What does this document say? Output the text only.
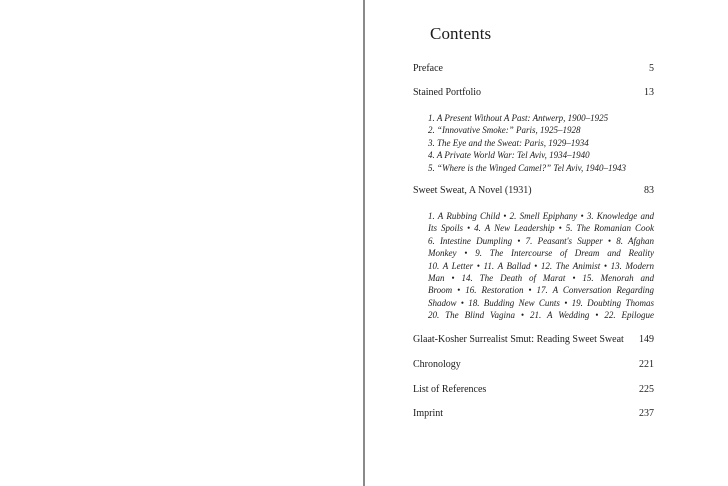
Contents
Preface	5
Stained Portfolio	13
1. A Present Without A Past: Antwerp, 1900–1925
2. “Innovative Smoke:” Paris, 1925–1928
3. The Eye and the Sweat: Paris, 1929–1934
4. A Private World War: Tel Aviv, 1934–1940
5. “Where is the Winged Camel?” Tel Aviv, 1940–1943
Sweet Sweat, A Novel (1931)	83
1. A Rubbing Child • 2. Smell Epiphany • 3. Knowledge and
Its Spoils • 4. A New Leadership • 5. The Romanian Cook
6. Intestine Dumpling • 7. Peasant's Supper • 8. Afghan
Monkey • 9. The Intercourse of Dream and Reality
10. A Letter • 11. A Ballad • 12. The Animist • 13. Modern
Man • 14. The Death of Marat • 15. Menorah and
Broom • 16. Restoration • 17. A Conversation Regarding
Shadow • 18. Budding New Cunts • 19. Doubting Thomas
20. The Blind Vagina • 21. A Wedding • 22. Epilogue
Glaat-Kosher Surrealist Smut: Reading Sweet Sweat 149
Chronology	221
List of References	225
Imprint	237
